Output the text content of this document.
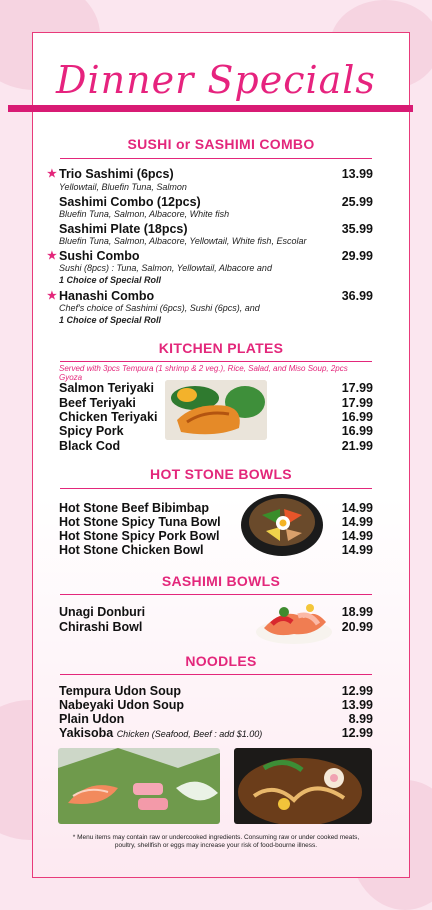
Dinner Specials
SUSHI or SASHIMI COMBO
★ Trio Sashimi (6pcs)	13.99
Yellowtail, Bluefin Tuna, Salmon
Sashimi Combo (12pcs)	25.99
Bluefin Tuna, Salmon, Albacore, White fish
Sashimi Plate (18pcs)	35.99
Bluefin Tuna, Salmon, Albacore, Yellowtail, White fish, Escolar
★ Sushi Combo	29.99
Sushi (8pcs) : Tuna, Salmon, Yellowtail, Albacore and
1 Choice of Special Roll
★ Hanashi Combo	36.99
Chef's choice of Sashimi (6pcs), Sushi (6pcs), and
1 Choice of Special Roll
KITCHEN PLATES
Served with 3pcs Tempura (1 shrimp & 2 veg.), Rice, Salad, and Miso Soup, 2pcs Gyoza
Salmon Teriyaki	17.99
Beef Teriyaki	17.99
Chicken Teriyaki	16.99
Spicy Pork	16.99
Black Cod	21.99
HOT STONE BOWLS
Hot Stone Beef Bibimbap	14.99
Hot Stone Spicy Tuna Bowl	14.99
Hot Stone Spicy Pork Bowl	14.99
Hot Stone Chicken Bowl	14.99
SASHIMI BOWLS
Unagi Donburi	18.99
Chirashi Bowl	20.99
NOODLES
Tempura Udon Soup	12.99
Nabeyaki Udon Soup	13.99
Plain Udon	8.99
Yakisoba Chicken (Seafood, Beef : add $1.00)	12.99
* Menu items may contain raw or undercooked ingredients. Consuming raw or under cooked meats, poultry, shellfish or eggs may increase your risk of food-bourne illness.
